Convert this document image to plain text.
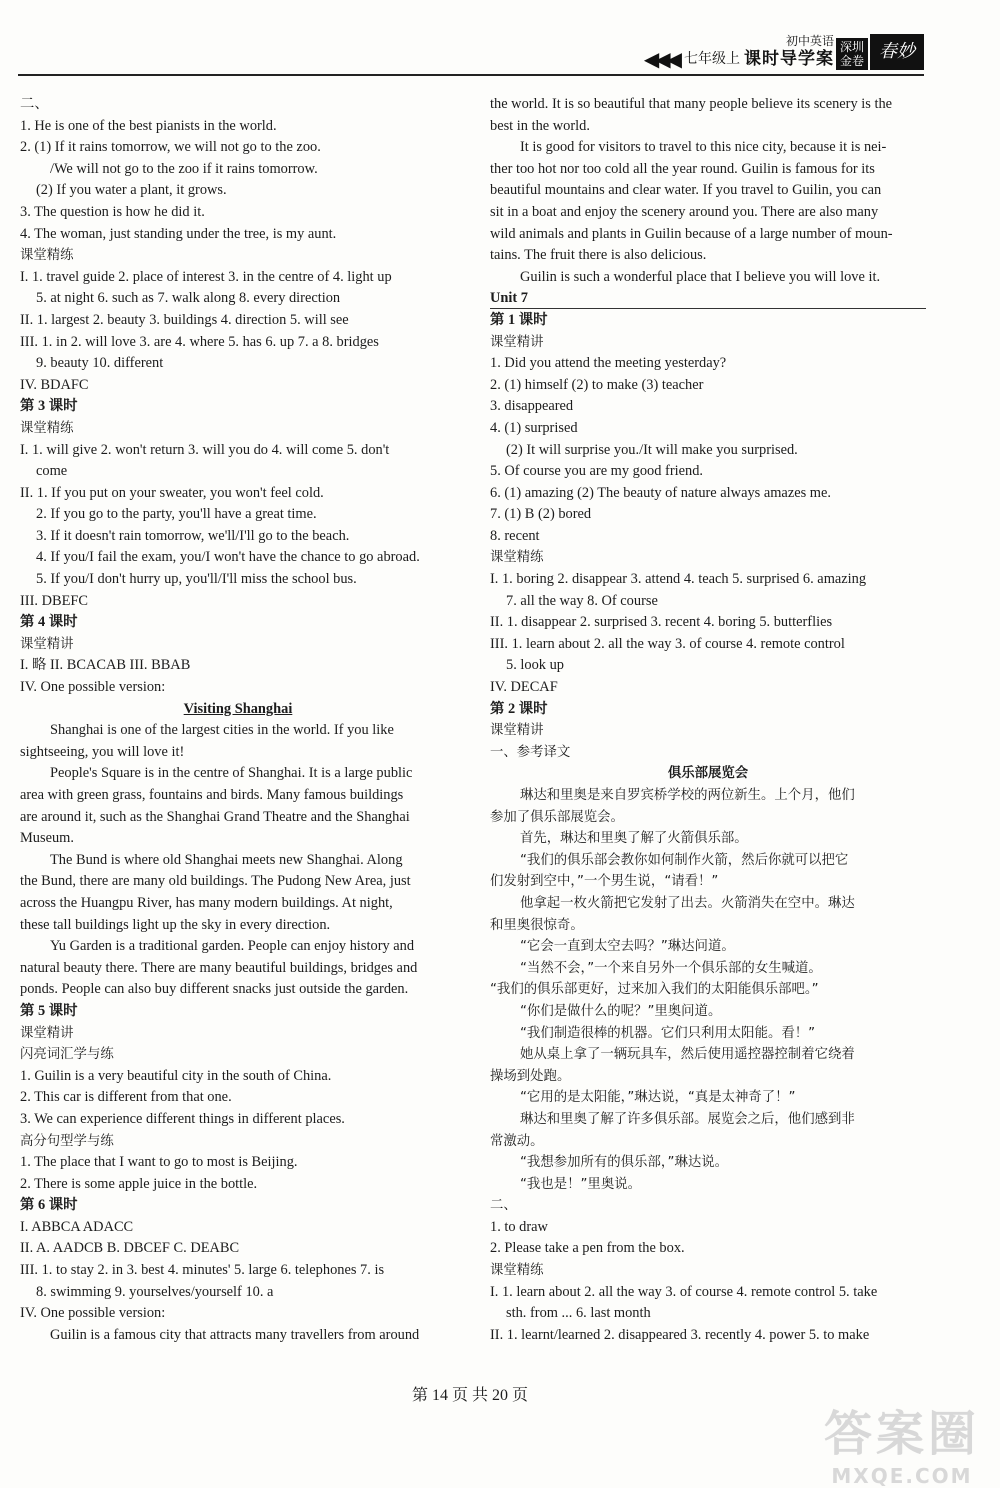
◀◀◀ 七年级上
初中英语
课时导学案
深圳金卷 春妙
二、
1. He is one of the best pianists in the world.
2. (1) If it rains tomorrow, we will not go to the zoo.
/We will not go to the zoo if it rains tomorrow.
(2) If you water a plant, it grows.
3. The question is how he did it.
4. The woman, just standing under the tree, is my aunt.
课堂精练
I. 1. travel guide 2. place of interest 3. in the centre of 4. light up
5. at night 6. such as 7. walk along 8. every direction
II. 1. largest 2. beauty 3. buildings 4. direction 5. will see
III. 1. in 2. will love 3. are 4. where 5. has 6. up 7. a 8. bridges
9. beauty 10. different
IV. BDAFC
第 3 课时
课堂精练
I. 1. will give 2. won't return 3. will you do 4. will come 5. don't
come
II. 1. If you put on your sweater, you won't feel cold.
2. If you go to the party, you'll have a great time.
3. If it doesn't rain tomorrow, we'll/I'll go to the beach.
4. If you/I fail the exam, you/I won't have the chance to go abroad.
5. If you/I don't hurry up, you'll/I'll miss the school bus.
III. DBEFC
第 4 课时
课堂精讲
I. 略 II. BCACAB III. BBAB
IV. One possible version:
Visiting Shanghai
Shanghai is one of the largest cities in the world. If you like
sightseeing, you will love it!
People's Square is in the centre of Shanghai. It is a large public
area with green grass, fountains and birds. Many famous buildings
are around it, such as the Shanghai Grand Theatre and the Shanghai
Museum.
The Bund is where old Shanghai meets new Shanghai. Along
the Bund, there are many old buildings. The Pudong New Area, just
across the Huangpu River, has many modern buildings. At night,
these tall buildings light up the sky in every direction.
Yu Garden is a traditional garden. People can enjoy history and
natural beauty there. There are many beautiful buildings, bridges and
ponds. People can also buy different snacks just outside the garden.
第 5 课时
课堂精讲
闪亮词汇学与练
1. Guilin is a very beautiful city in the south of China.
2. This car is different from that one.
3. We can experience different things in different places.
高分句型学与练
1. The place that I want to go to most is Beijing.
2. There is some apple juice in the bottle.
第 6 课时
I. ABBCA ADACC
II. A. AADCB B. DBCEF C. DEABC
III. 1. to stay 2. in 3. best 4. minutes' 5. large 6. telephones 7. is
8. swimming 9. yourselves/yourself 10. a
IV. One possible version:
Guilin is a famous city that attracts many travellers from around
the world. It is so beautiful that many people believe its scenery is the
best in the world.
It is good for visitors to travel to this nice city, because it is nei-
ther too hot nor too cold all the year round. Guilin is famous for its
beautiful mountains and clear water. If you travel to Guilin, you can
sit in a boat and enjoy the scenery around you. There are also many
wild animals and plants in Guilin because of a large number of moun-
tains. The fruit there is also delicious.
Guilin is such a wonderful place that I believe you will love it.
Unit 7
第 1 课时
课堂精讲
1. Did you attend the meeting yesterday?
2. (1) himself (2) to make (3) teacher
3. disappeared
4. (1) surprised
(2) It will surprise you./It will make you surprised.
5. Of course you are my good friend.
6. (1) amazing (2) The beauty of nature always amazes me.
7. (1) B (2) bored
8. recent
课堂精练
I. 1. boring 2. disappear 3. attend 4. teach 5. surprised 6. amazing
7. all the way 8. Of course
II. 1. disappear 2. surprised 3. recent 4. boring 5. butterflies
III. 1. learn about 2. all the way 3. of course 4. remote control
5. look up
IV. DECAF
第 2 课时
课堂精讲
一、参考译文
俱乐部展览会
琳达和里奥是来自罗宾桥学校的两位新生。上个月，他们
参加了俱乐部展览会。
首先，琳达和里奥了解了火箭俱乐部。
“我们的俱乐部会教你如何制作火箭，然后你就可以把它
们发射到空中，”一个男生说，“请看！”
他拿起一枚火箭把它发射了出去。火箭消失在空中。琳达
和里奥很惊奇。
“它会一直到太空去吗？”琳达问道。
“当然不会，”一个来自另外一个俱乐部的女生喊道。
“我们的俱乐部更好，过来加入我们的太阳能俱乐部吧。”
“你们是做什么的呢？”里奥问道。
“我们制造很棒的机器。它们只利用太阳能。看！”
她从桌上拿了一辆玩具车，然后使用遥控器控制着它绕着
操场到处跑。
“它用的是太阳能，”琳达说，“真是太神奇了！”
琳达和里奥了解了许多俱乐部。展览会之后，他们感到非
常激动。
“我想参加所有的俱乐部，”琳达说。
“我也是！”里奥说。
二、
1. to draw
2. Please take a pen from the box.
课堂精练
I. 1. learn about 2. all the way 3. of course 4. remote control 5. take
sth. from ... 6. last month
II. 1. learnt/learned 2. disappeared 3. recently 4. power 5. to make
第 14 页 共 20 页
答案圈
MXQE.COM
